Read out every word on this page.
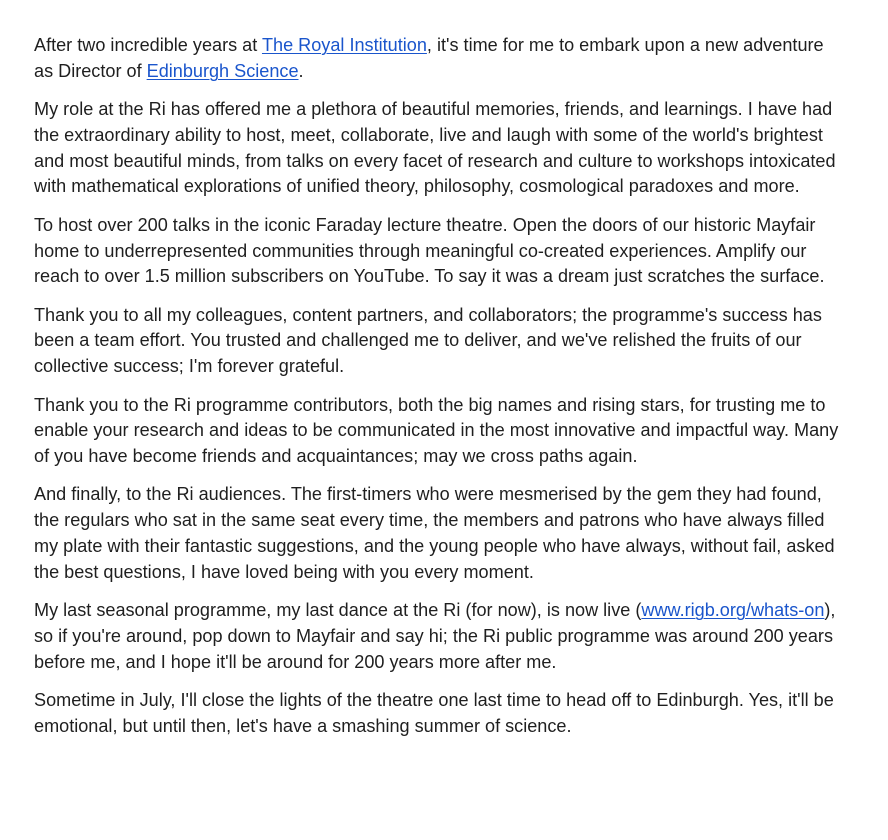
After two incredible years at The Royal Institution, it's time for me to embark upon a new adventure as Director of Edinburgh Science.

My role at the Ri has offered me a plethora of beautiful memories, friends, and learnings. I have had the extraordinary ability to host, meet, collaborate, live and laugh with some of the world's brightest and most beautiful minds, from talks on every facet of research and culture to workshops intoxicated with mathematical explorations of unified theory, philosophy, cosmological paradoxes and more.

To host over 200 talks in the iconic Faraday lecture theatre. Open the doors of our historic Mayfair home to underrepresented communities through meaningful co-created experiences. Amplify our reach to over 1.5 million subscribers on YouTube. To say it was a dream just scratches the surface.

Thank you to all my colleagues, content partners, and collaborators; the programme's success has been a team effort. You trusted and challenged me to deliver, and we've relished the fruits of our collective success; I'm forever grateful.

Thank you to the Ri programme contributors, both the big names and rising stars, for trusting me to enable your research and ideas to be communicated in the most innovative and impactful way. Many of you have become friends and acquaintances; may we cross paths again.

And finally, to the Ri audiences. The first-timers who were mesmerised by the gem they had found, the regulars who sat in the same seat every time, the members and patrons who have always filled my plate with their fantastic suggestions, and the young people who have always, without fail, asked the best questions, I have loved being with you every moment.

My last seasonal programme, my last dance at the Ri (for now), is now live (www.rigb.org/whats-on), so if you're around, pop down to Mayfair and say hi; the Ri public programme was around 200 years before me, and I hope it'll be around for 200 years more after me.

Sometime in July, I'll close the lights of the theatre one last time to head off to Edinburgh. Yes, it'll be emotional, but until then, let's have a smashing summer of science.
